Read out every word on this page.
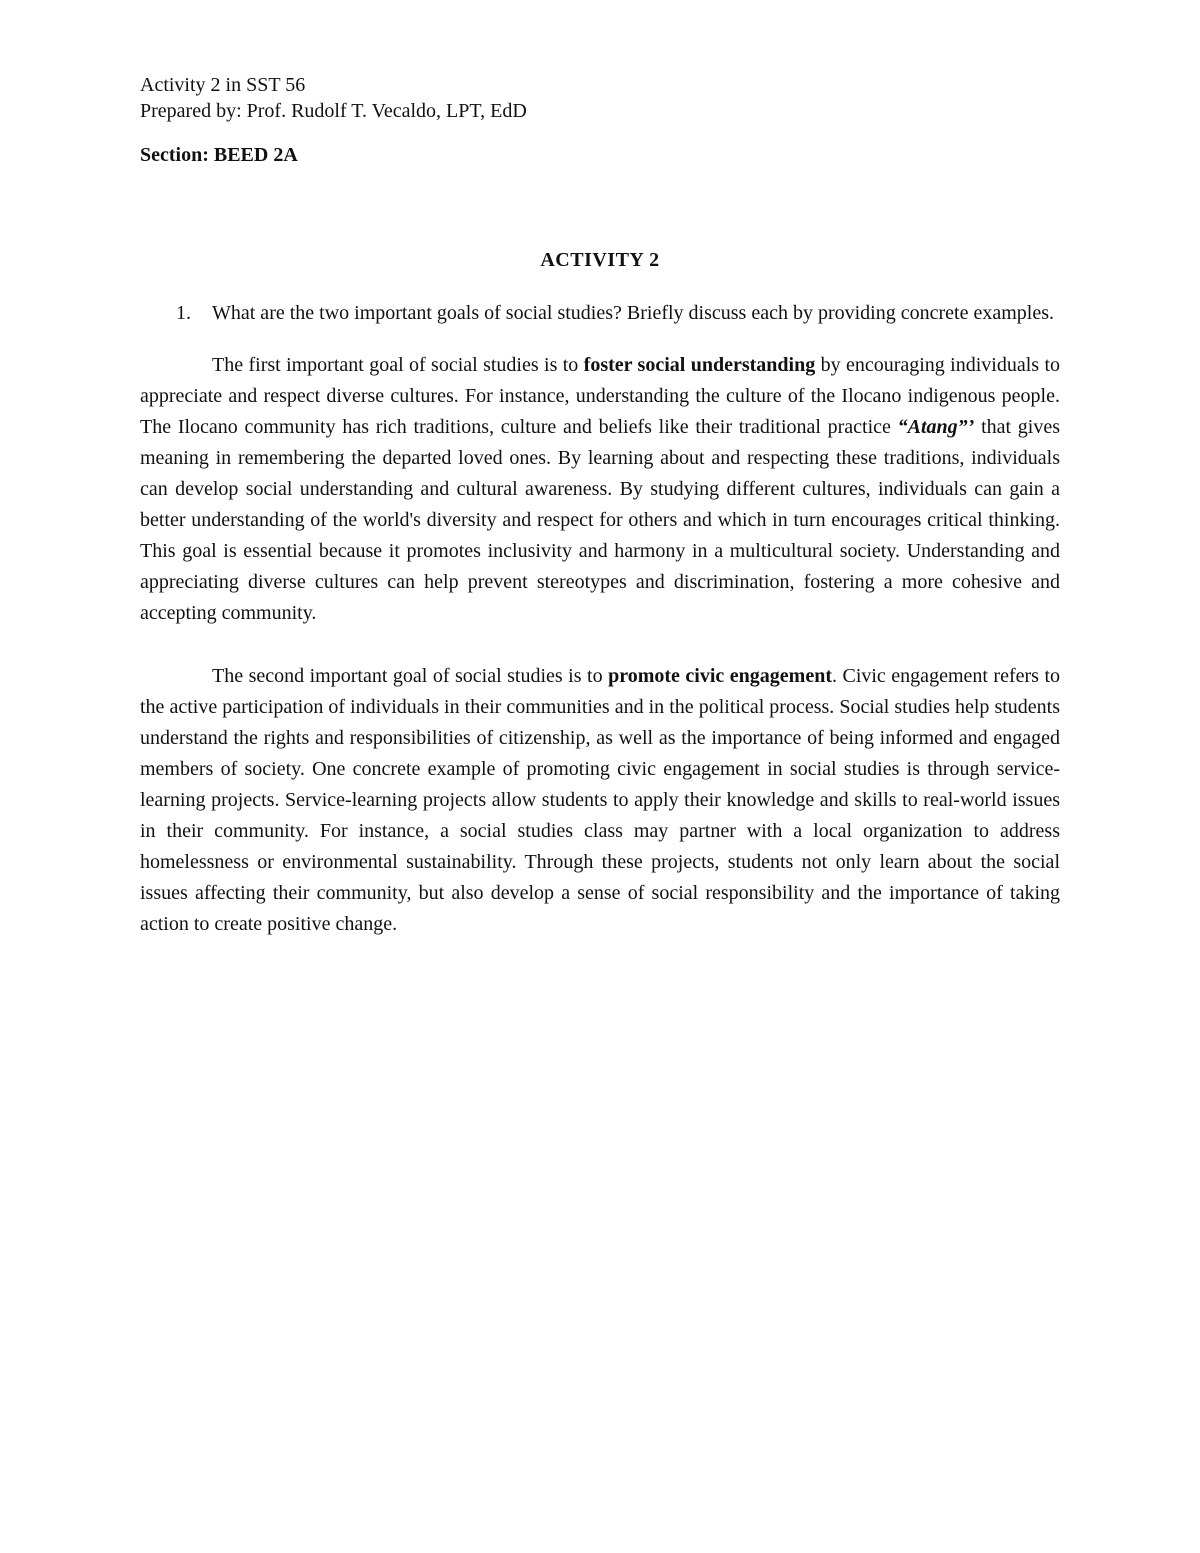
Activity 2 in SST 56

Prepared by: Prof. Rudolf T. Vecaldo, LPT, EdD

Section: BEED 2A

ACTIVITY 2
1.	What are the two important goals of social studies? Briefly discuss each by providing concrete examples.

The first important goal of social studies is to foster social understanding by encouraging individuals to appreciate and respect diverse cultures. For instance, understanding the culture of the Ilocano indigenous people. The Ilocano community has rich traditions, culture and beliefs like their traditional practice “Atang”’ that gives meaning in remembering the departed loved ones. By learning about and respecting these traditions, individuals can develop social understanding and cultural awareness. By studying different cultures, individuals can gain a better understanding of the world's diversity and respect for others and which in turn encourages critical thinking. This goal is essential because it promotes inclusivity and harmony in a multicultural society. Understanding and appreciating diverse cultures can help prevent stereotypes and discrimination, fostering a more cohesive and accepting community.

The second important goal of social studies is to promote civic engagement. Civic engagement refers to the active participation of individuals in their communities and in the political process. Social studies help students understand the rights and responsibilities of citizenship, as well as the importance of being informed and engaged members of society. One concrete example of promoting civic engagement in social studies is through service-learning projects. Service-learning projects allow students to apply their knowledge and skills to real-world issues in their community. For instance, a social studies class may partner with a local organization to address homelessness or environmental sustainability. Through these projects, students not only learn about the social issues affecting their community, but also develop a sense of social responsibility and the importance of taking action to create positive change.
